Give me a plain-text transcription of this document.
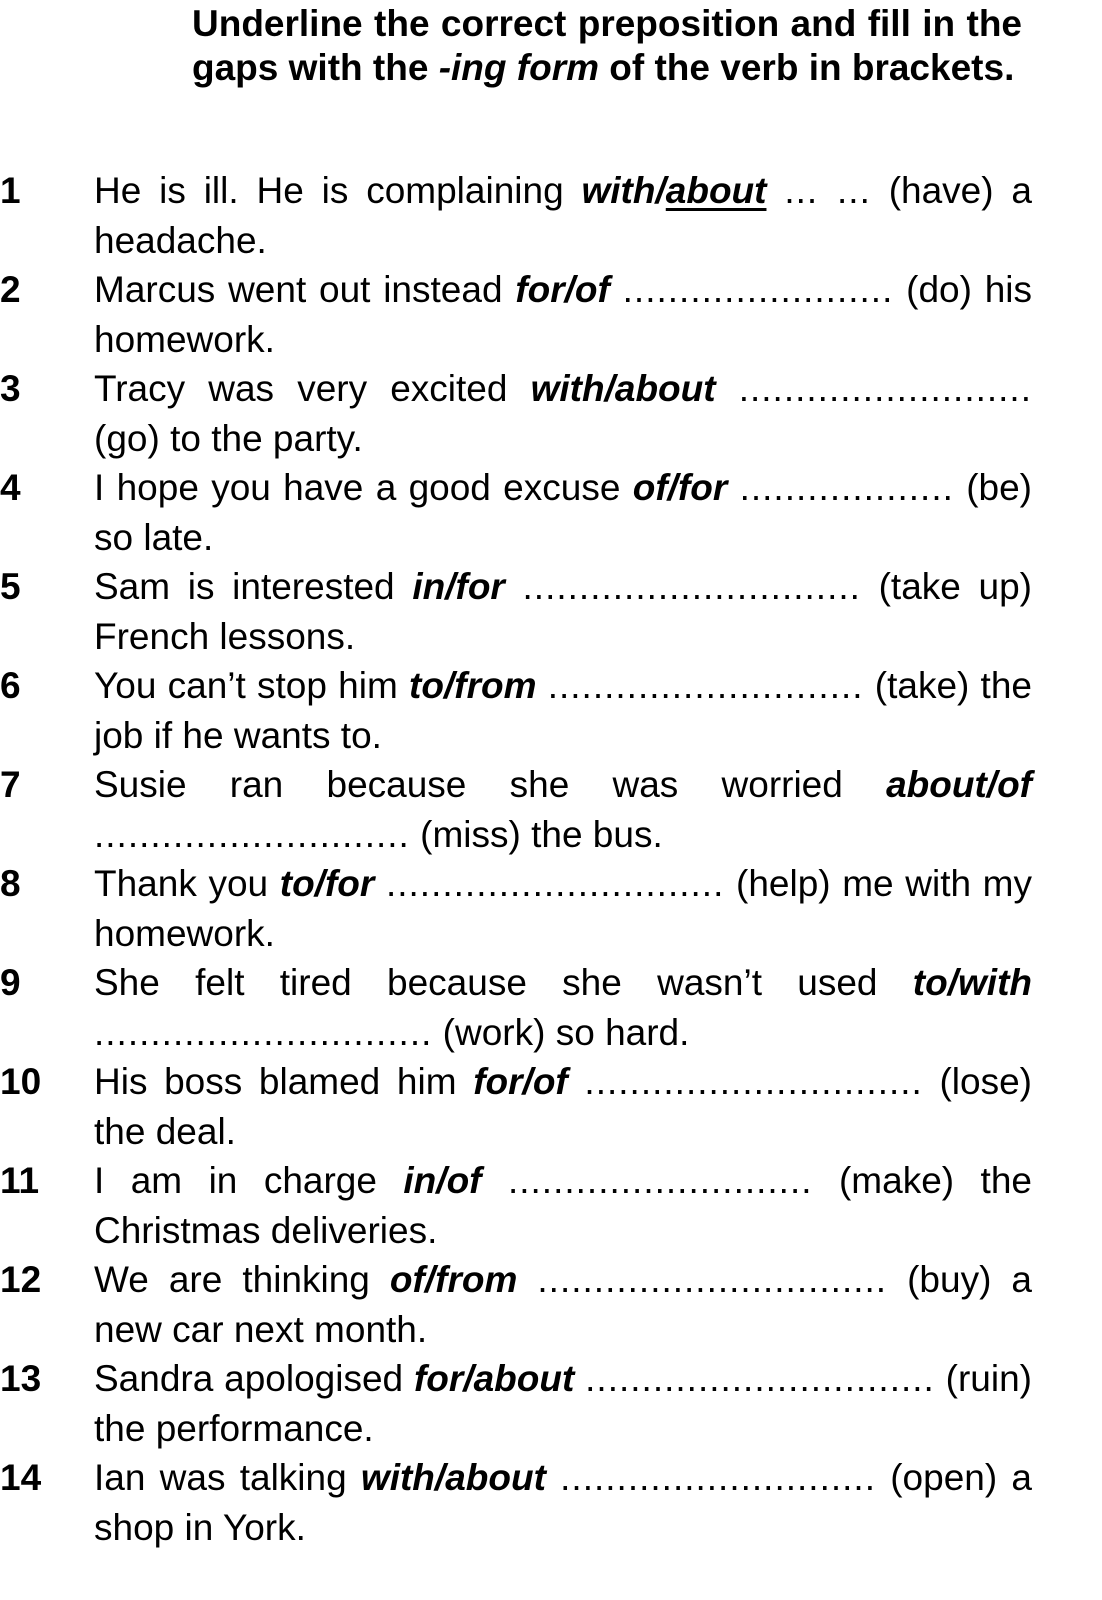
Underline the correct preposition and fill in the gaps with the -ing form of the verb in brackets.
1	He is ill. He is complaining with/about ... ... (have) a headache.
2	Marcus went out instead for/of ........................ (do) his homework.
3	Tracy was very excited with/about .......................... (go) to the party.
4	I hope you have a good excuse of/for ................... (be) so late.
5	Sam is interested in/for .............................. (take up) French lessons.
6	You can’t stop him to/from ............................ (take) the job if he wants to.
7	Susie ran because she was worried about/of ............................ (miss) the bus.
8	Thank you to/for .............................. (help) me with my homework.
9	She felt tired because she wasn’t used to/with .............................. (work) so hard.
10	His boss blamed him for/of .............................. (lose) the deal.
11	I am in charge in/of ........................... (make) the Christmas deliveries.
12	We are thinking of/from ............................... (buy) a new car next month.
13	Sandra apologised for/about ............................... (ruin) the performance.
14	Ian was talking with/about ............................ (open) a shop in York.
